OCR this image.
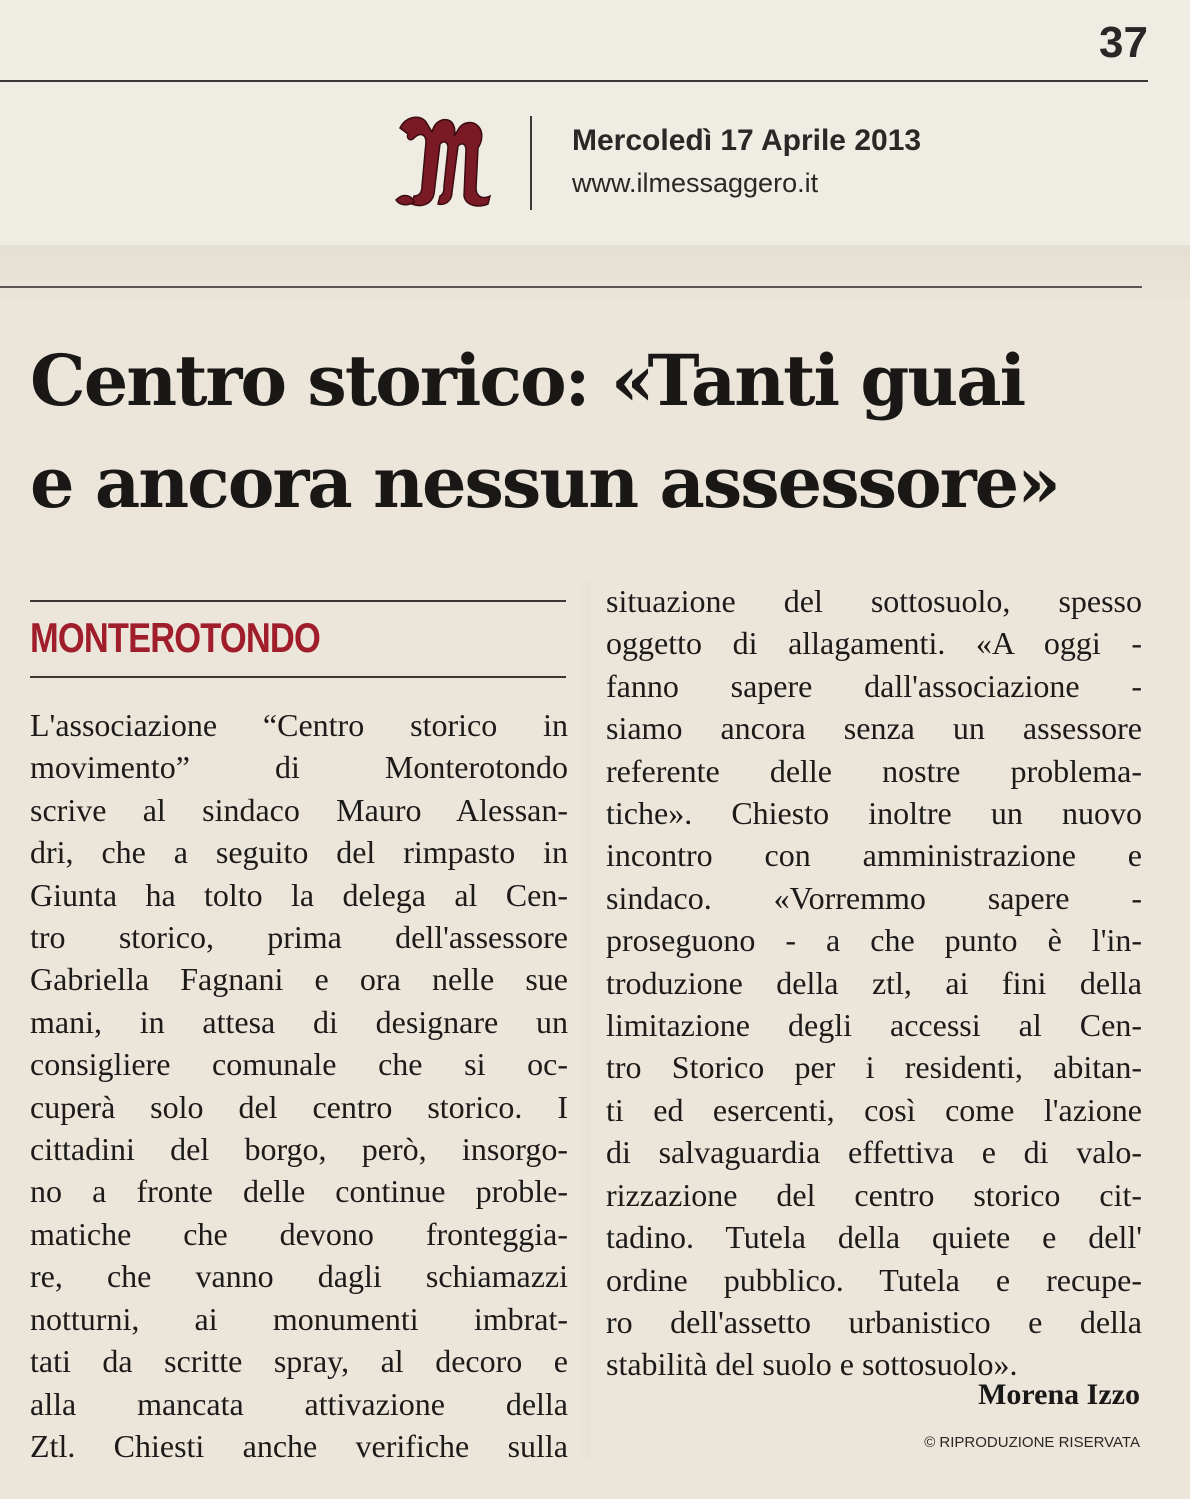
37
Mercoledì 17 Aprile 2013
www.ilmessaggero.it
Centro storico: «Tanti guai
e ancora nessun assessore»
MONTEROTONDO
L'associazione “Centro storico in
movimento” di Monterotondo
scrive al sindaco Mauro Alessan-
dri, che a seguito del rimpasto in
Giunta ha tolto la delega al Cen-
tro storico, prima dell'assessore
Gabriella Fagnani e ora nelle sue
mani, in attesa di designare un
consigliere comunale che si oc-
cuperà solo del centro storico. I
cittadini del borgo, però, insorgo-
no a fronte delle continue proble-
matiche che devono fronteggia-
re, che vanno dagli schiamazzi
notturni, ai monumenti imbrat-
tati da scritte spray, al decoro e
alla mancata attivazione della
Ztl. Chiesti anche verifiche sulla
situazione del sottosuolo, spesso
oggetto di allagamenti. «A oggi -
fanno sapere dall'associazione -
siamo ancora senza un assessore
referente delle nostre problema-
tiche». Chiesto inoltre un nuovo
incontro con amministrazione e
sindaco. «Vorremmo sapere -
proseguono - a che punto è l'in-
troduzione della ztl, ai fini della
limitazione degli accessi al Cen-
tro Storico per i residenti, abitan-
ti ed esercenti, così come l'azione
di salvaguardia effettiva e di valo-
rizzazione del centro storico cit-
tadino. Tutela della quiete e dell'
ordine pubblico. Tutela e recupe-
ro dell'assetto urbanistico e della
stabilità del suolo e sottosuolo».
Morena Izzo
© RIPRODUZIONE RISERVATA
